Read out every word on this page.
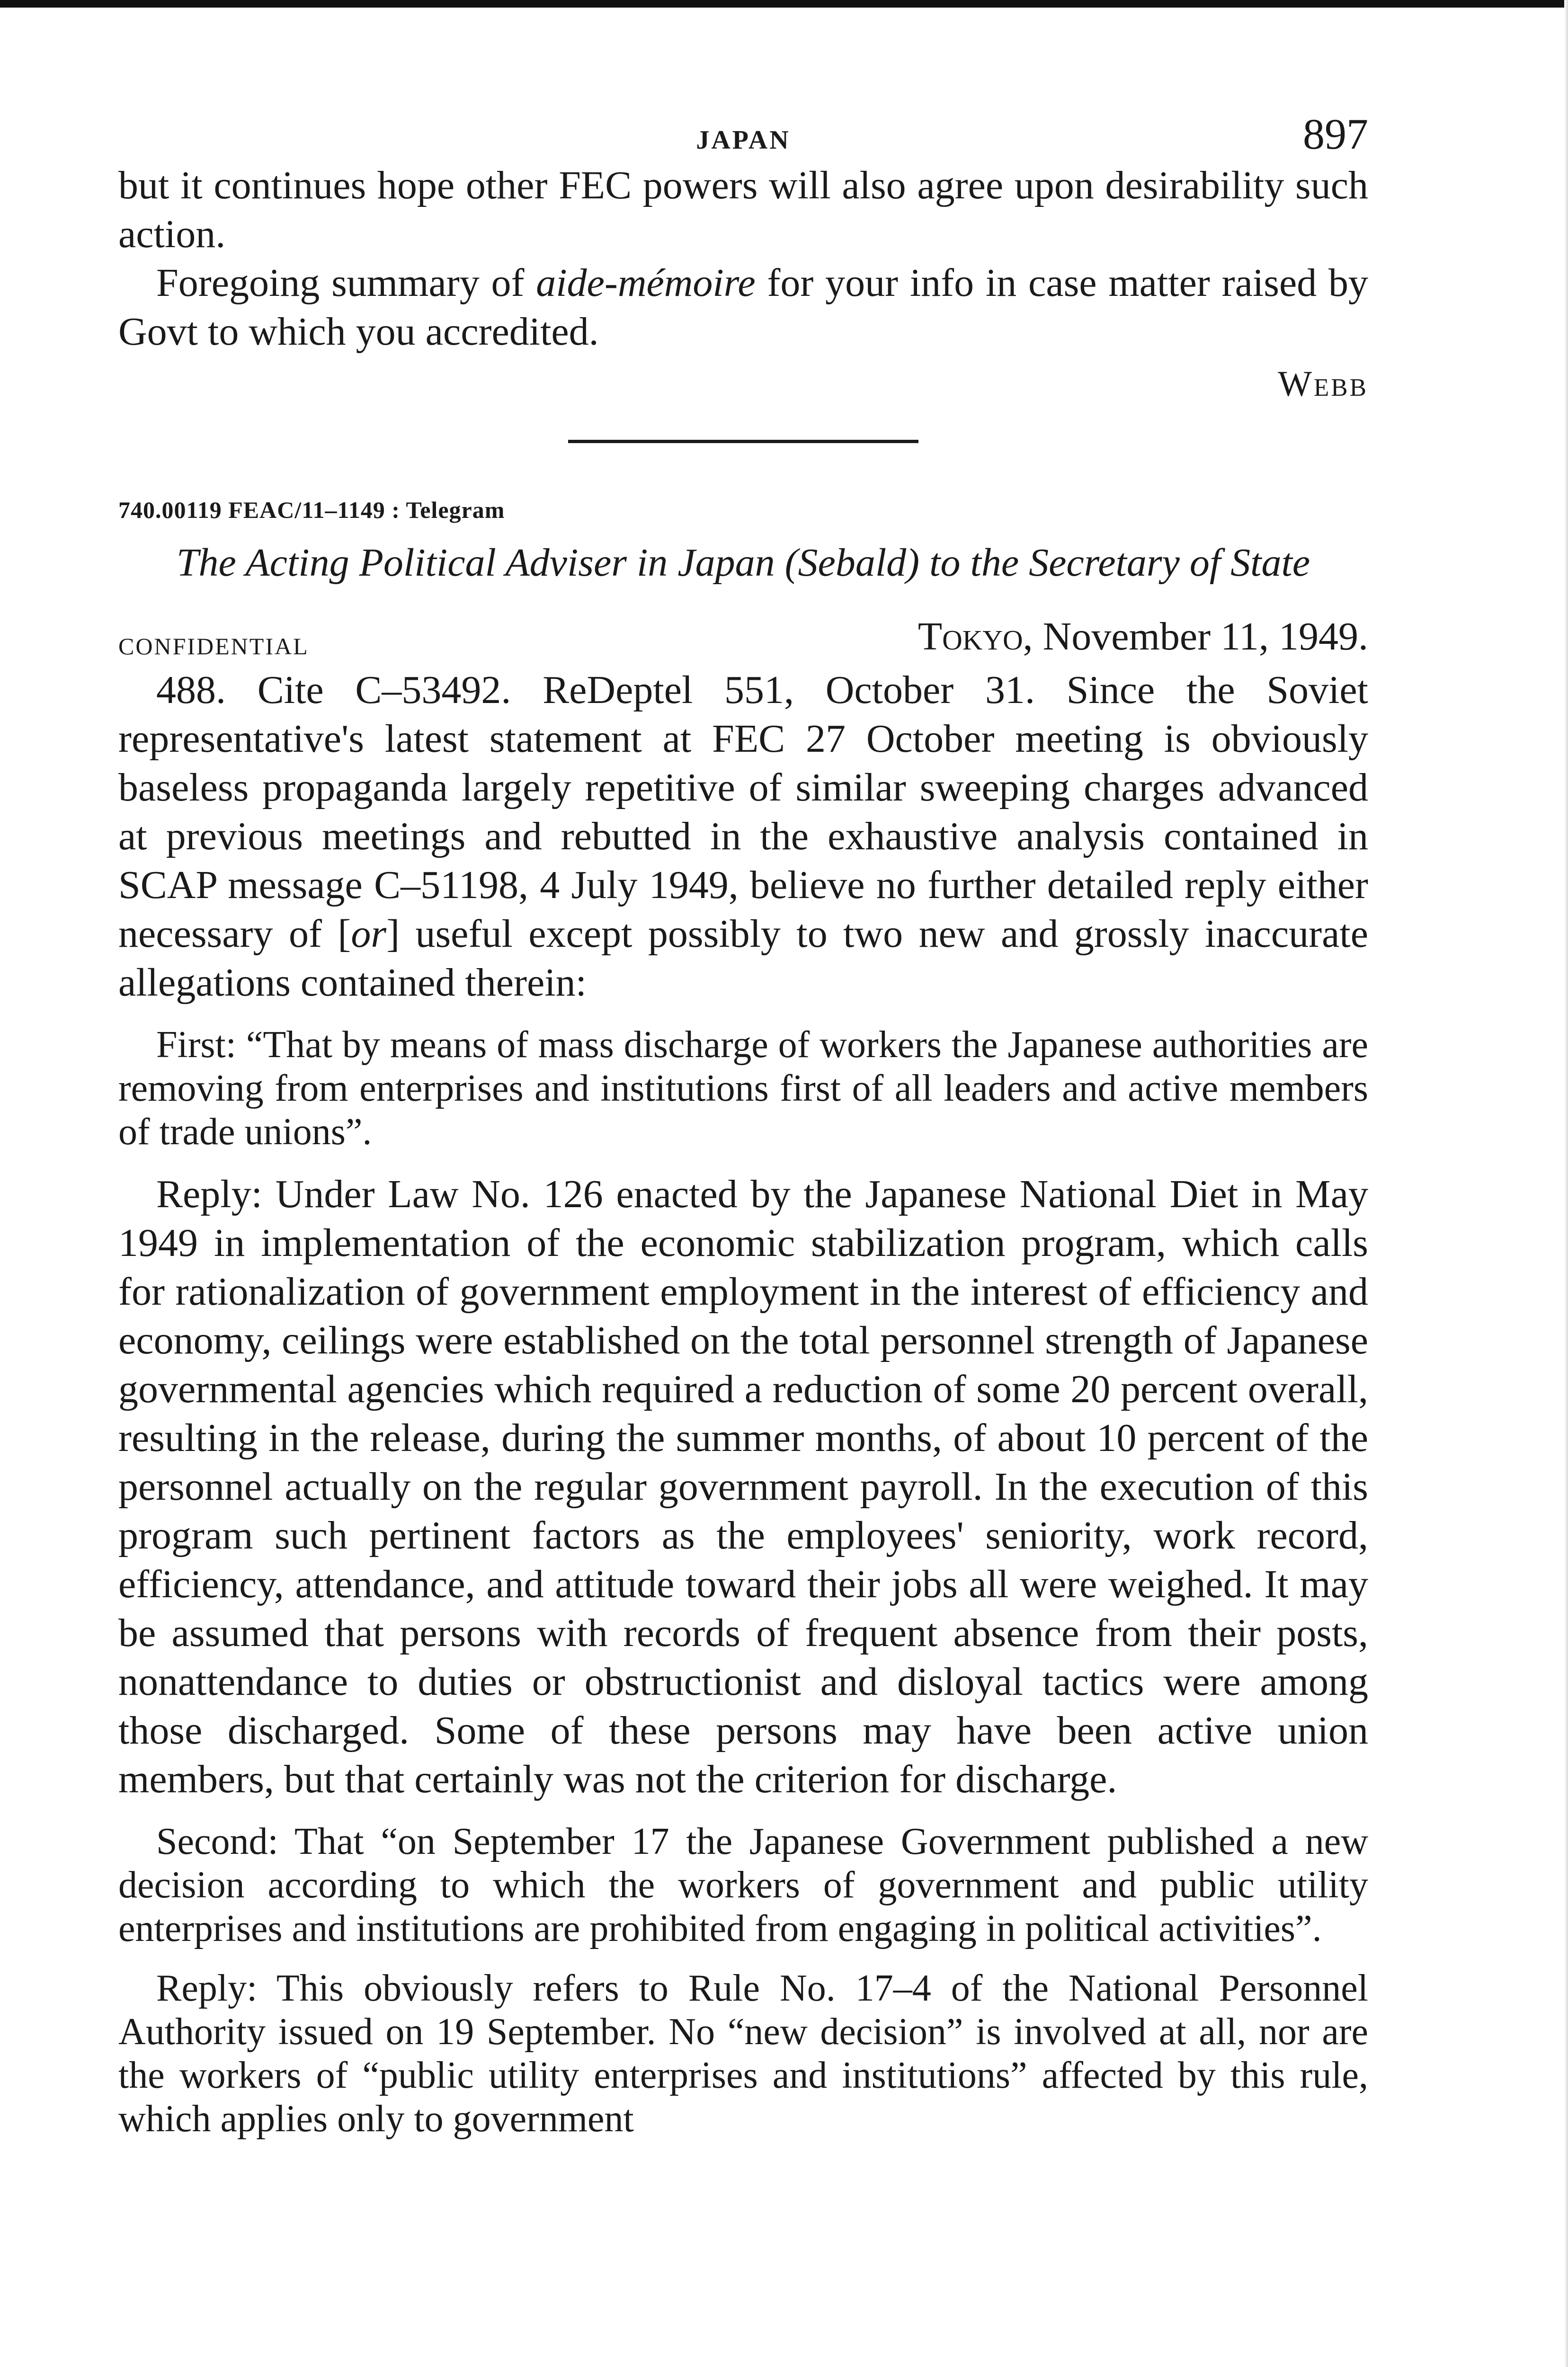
JAPAN	897

but it continues hope other FEC powers will also agree upon desirability such action.

Foregoing summary of aide-mémoire for your info in case matter raised by Govt to which you accredited.

Webb
740.00119 FEAC/11–1149 : Telegram
The Acting Political Adviser in Japan (Sebald) to the Secretary of State
CONFIDENTIAL	Tokyo, November 11, 1949.

488. Cite C–53492. ReDeptel 551, October 31. Since the Soviet representative's latest statement at FEC 27 October meeting is obviously baseless propaganda largely repetitive of similar sweeping charges advanced at previous meetings and rebutted in the exhaustive analysis contained in SCAP message C–51198, 4 July 1949, believe no further detailed reply either necessary of [or] useful except possibly to two new and grossly inaccurate allegations contained therein:

First: “That by means of mass discharge of workers the Japanese authorities are removing from enterprises and institutions first of all leaders and active members of trade unions”.

Reply: Under Law No. 126 enacted by the Japanese National Diet in May 1949 in implementation of the economic stabilization program, which calls for rationalization of government employment in the interest of efficiency and economy, ceilings were established on the total personnel strength of Japanese governmental agencies which required a reduction of some 20 percent overall, resulting in the release, during the summer months, of about 10 percent of the personnel actually on the regular government payroll. In the execution of this program such pertinent factors as the employees' seniority, work record, efficiency, attendance, and attitude toward their jobs all were weighed. It may be assumed that persons with records of frequent absence from their posts, nonattendance to duties or obstructionist and disloyal tactics were among those discharged. Some of these persons may have been active union members, but that certainly was not the criterion for discharge.

Second: That “on September 17 the Japanese Government published a new decision according to which the workers of government and public utility enterprises and institutions are prohibited from engaging in political activities”.

Reply: This obviously refers to Rule No. 17–4 of the National Personnel Authority issued on 19 September. No “new decision” is involved at all, nor are the workers of “public utility enterprises and institutions” affected by this rule, which applies only to government
